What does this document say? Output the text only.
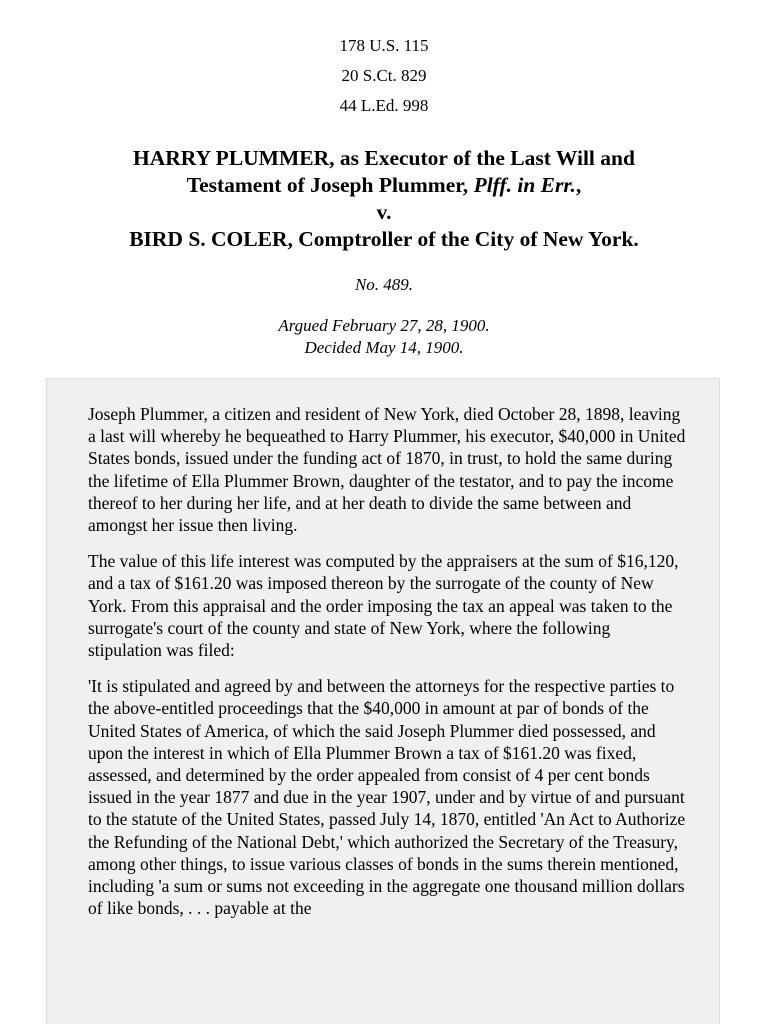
178 U.S. 115
20 S.Ct. 829
44 L.Ed. 998
HARRY PLUMMER, as Executor of the Last Will and
Testament of Joseph Plummer, Plff. in Err.,
v.
BIRD S. COLER, Comptroller of the City of New York.
No. 489.
Argued February 27, 28, 1900.
Decided May 14, 1900.

Joseph Plummer, a citizen and resident of New York, died October 28, 1898, leaving a last will whereby he bequeathed to Harry Plummer, his executor, $40,000 in United States bonds, issued under the funding act of 1870, in trust, to hold the same during the lifetime of Ella Plummer Brown, daughter of the testator, and to pay the income thereof to her during her life, and at her death to divide the same between and amongst her issue then living.

The value of this life interest was computed by the appraisers at the sum of $16,120, and a tax of $161.20 was imposed thereon by the surrogate of the county of New York. From this appraisal and the order imposing the tax an appeal was taken to the surrogate's court of the county and state of New York, where the following stipulation was filed:

'It is stipulated and agreed by and between the attorneys for the respective parties to the above-entitled proceedings that the $40,000 in amount at par of bonds of the United States of America, of which the said Joseph Plummer died possessed, and upon the interest in which of Ella Plummer Brown a tax of $161.20 was fixed, assessed, and determined by the order appealed from consist of 4 per cent bonds issued in the year 1877 and due in the year 1907, under and by virtue of and pursuant to the statute of the United States, passed July 14, 1870, entitled 'An Act to Authorize the Refunding of the National Debt,' which authorized the Secretary of the Treasury, among other things, to issue various classes of bonds in the sums therein mentioned, including 'a sum or sums not exceeding in the aggregate one thousand million dollars of like bonds, . . . payable at the
